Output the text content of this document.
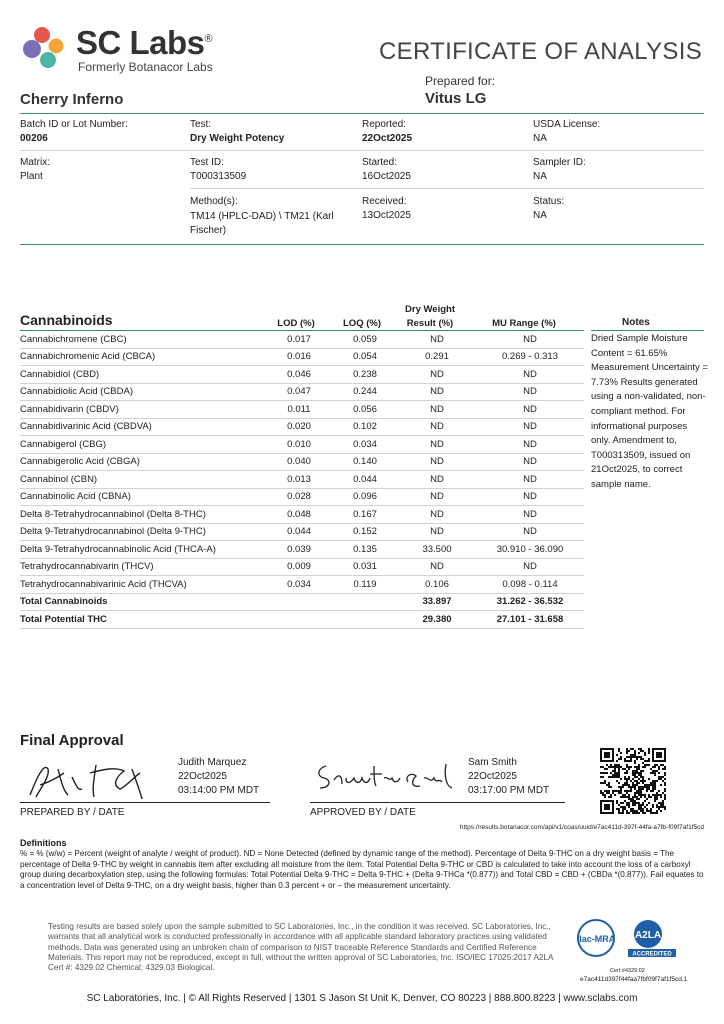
SC Labs®
Formerly Botanacor Labs
CERTIFICATE OF ANALYSIS
Prepared for:
Vitus LG
Cherry Inferno
Batch ID or Lot Number:
00206
Test:
Dry Weight Potency
Reported:
22Oct2025
USDA License:
NA
Matrix:
Plant
Test ID:
T000313509
Started:
16Oct2025
Sampler ID:
NA
Method(s):
TM14 (HPLC-DAD) \ TM21 (Karl Fischer)
Received:
13Oct2025
Status:
NA
Cannabinoids	LOD (%)	LOQ (%)
Dry Weight
Result (%)	MU Range (%)	Notes
Cannabichromene (CBC)	0.017	0.059	ND	ND
Cannabichromenic Acid (CBCA)	0.016	0.054	0.291	0.269 - 0.313
Cannabidiol (CBD)	0.046	0.238	ND	ND
Cannabidiolic Acid (CBDA)	0.047	0.244	ND	ND
Cannabidivarin (CBDV)	0.011	0.056	ND	ND
Cannabidivarinic Acid (CBDVA)	0.020	0.102	ND	ND
Cannabigerol (CBG)	0.010	0.034	ND	ND
Cannabigerolic Acid (CBGA)	0.040	0.140	ND	ND
Cannabinol (CBN)	0.013	0.044	ND	ND
Cannabinolic Acid (CBNA)	0.028	0.096	ND	ND
Delta 8-Tetrahydrocannabinol (Delta 8-THC)	0.048	0.167	ND	ND
Delta 9-Tetrahydrocannabinol (Delta 9-THC)	0.044	0.152	ND	ND
Delta 9-Tetrahydrocannabinolic Acid (THCA-A)	0.039	0.135	33.500	30.910 - 36.090
Tetrahydrocannabivarin (THCV)	0.009	0.031	ND	ND
Tetrahydrocannabivarinic Acid (THCVA)	0.034	0.119	0.106	0.098 - 0.114
Total Cannabinoids			33.897	31.262 - 36.532
Total Potential THC			29.380	27.101 - 31.658
Dried Sample Moisture Content = 61.65% Measurement Uncertainty = 7.73% Results generated using a non-validated, non-compliant method. For informational purposes only. Amendment to, T000313509, issued on 21Oct2025, to correct sample name.
Final Approval
Judith Marquez
22Oct2025
03:14:00 PM MDT
PREPARED BY / DATE
Sam Smith
22Oct2025
03:17:00 PM MDT
APPROVED BY / DATE
https://results.botanacor.com/api/v1/coas/uuid/e7ac411d-397f-44fa-a7fb-f09f7af1f5cd
Definitions
% = % (w/w) = Percent (weight of analyte / weight of product). ND = None Detected (defined by dynamic range of the method). Percentage of Delta 9-THC on a dry weight basis = The percentage of Delta 9-THC by weight in cannabis item after excluding all moisture from the item. Total Potential Delta 9-THC or CBD is calculated to take into account the loss of a carboxyl group during decarboxylation step, using the following formulas: Total Potential Delta 9-THC = Delta 9-THC + (Delta 9-THCa *(0.877)) and Total CBD = CBD + (CBDa *(0.877)). Fail equates to a concentration level of Delta 9-THC, on a dry weight basis, higher than 0.3 percent + or – the measurement uncertainty.
Testing results are based solely upon the sample submitted to SC Laboratories, Inc., in the condition it was received. SC Laboratories, Inc., warrants that all analytical work is conducted professionally in accordance with all applicable standard laboratory practices using validated methods. Data was generated using an unbroken chain of comparison to NIST traceable Reference Standards and Certified Reference Materials. This report may not be reproduced, except in full, without the written approval of SC Laboratories, Inc. ISO/IEC 17025:2017 A2LA Cert #: 4329.02 Chemical; 4329.03 Biological.
ilac-MRA A2LA
ACCREDITED
Cert #4329.02
e7ac411d397f44faa7fbf09f7af1f5cd.1
SC Laboratories, Inc. | © All Rights Reserved | 1301 S Jason St Unit K, Denver, CO 80223 | 888.800.8223 | www.sclabs.com
